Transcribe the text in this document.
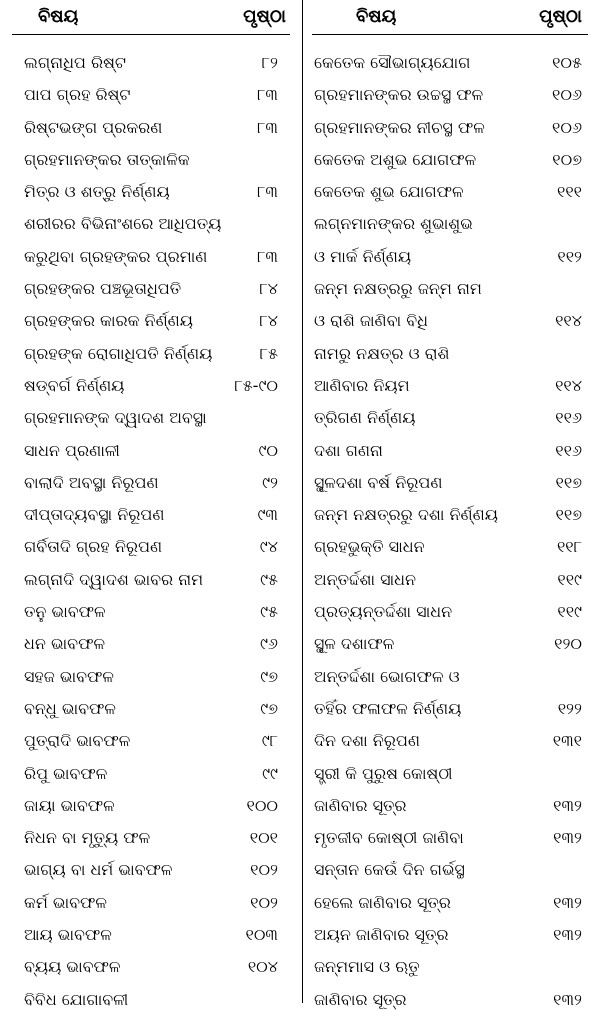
ବିଷୟ	ପୃଷ୍ଠା
ଲଗ୍ନାଧିପ ରିଷ୍ଟ	୮୨
ପାପ ଗ୍ରହ ରିଷ୍ଟ	୮୩
ରିଷ୍ଟଭଙ୍ଗ ପ୍ରକରଣ	୮୩
ଗ୍ରହମାନଙ୍କର ତାତ୍କାଳିକ
ମିତ୍ର ଓ ଶତ୍ରୁ ନିର୍ଣ୍ଣୟ	୮୩
ଶରୀରର ବିଭିନାଂଶରେ ଆଧିପତ୍ୟ
କରୁଥିବା ଗ୍ରହଙ୍କର ପ୍ରମାଣ	୮୩
ଗ୍ରହଙ୍କର ପଞ୍ଚଭୂତାଧିପତି	୮୪
ଗ୍ରହଙ୍କର କାରକ ନିର୍ଣ୍ଣୟ	୮୪
ଗ୍ରହଙ୍କ ରୋଗାଧିପତି ନିର୍ଣ୍ଣୟ	୮୫
ଷଡ୍‌ବର୍ଗ ନିର୍ଣ୍ଣୟ	୮୫-୯୦
ଗ୍ରହମାନଙ୍କ ଦ୍ୱାଦଶ ଅବସ୍ଥା
ସାଧନ ପ୍ରଣାଳୀ	୯୦
ବାଲାଦି ଅବସ୍ଥା ନିରୂପଣ	୯୨
ଦୀପ୍ତାଦ୍ୟବସ୍ଥା ନିରୂପଣ	୯୩
ଗର୍ବିତାଦି ଗ୍ରହ ନିରୂପଣ	୯୪
ଲଗ୍ନାଦି ଦ୍ୱାଦଶ ଭାବର ନାମ	୯୫
ତନୁ ଭାବଫଳ	୯୫
ଧନ ଭାବଫଳ	୯୬
ସହଜ ଭାବଫଳ	୯୭
ବନ୍ଧୁ ଭାବଫଳ	୯୭
ପୁତ୍ରାଦି ଭାବଫଳ	୯୮
ରିପୁ ଭାବଫଳ	୯୯
ଜାୟା ଭାବଫଳ	୧୦୦
ନିଧନ ବା ମୃତ୍ୟୁ ଫଳ	୧୦୧
ଭାଗ୍ୟ ବା ଧର୍ମ ଭାବଫଳ	୧୦୨
କର୍ମ ଭାବଫଳ	୧୦୨
ଆୟ ଭାବଫଳ	୧୦୩
ବ୍ୟୟ ଭାବଫଳ	୧୦୪
ବିବିଧ ଯୋଗାବଳୀ
ବିଷୟ	ପୃଷ୍ଠା
କେତେକ ସୌଭାଗ୍ୟଯୋଗ	୧୦୫
ଗ୍ରହମାନଙ୍କର ଉଚ୍ଚସ୍ଥ ଫଳ	୧୦୬
ଗ୍ରହମାନଙ୍କର ନୀଚସ୍ଥ ଫଳ	୧୦୬
କେତେକ ଅଶୁଭ ଯୋଗଫଳ	୧୦୭
କେତେକ ଶୁଭ ଯୋଗଫଳ	୧୧୧
ଲଗ୍ନମାନଙ୍କର ଶୁଭାଶୁଭ
ଓ ମାର୍କ ନିର୍ଣ୍ଣୟ	୧୧୨
ଜନ୍ମ ନକ୍ଷତ୍ରରୁ ଜନ୍ମ ନାମ
ଓ ରାଶି ଜାଣିବା ବିଧି	୧୧୪
ନାମରୁ ନକ୍ଷତ୍ର ଓ ରାଶି
ଆଣିବାର ନିୟମ	୧୧୪
ତ୍ରିଗଣ ନିର୍ଣ୍ଣୟ	୧୧୬
ଦଶା ଗଣନା	୧୧୬
ସ୍ଥୂଳଦଶା ବର୍ଷ ନିରୂପଣ	୧୧୭
ଜନ୍ମ ନକ୍ଷତ୍ରରୁ ଦଶା ନିର୍ଣ୍ଣୟ	୧୧୭
ଗ୍ରହଭୁକ୍ତି ସାଧନ	୧୧୮
ଅନ୍ତର୍ଦ୍ଦଶା ସାଧନ	୧୧୯
ପ୍ରତ୍ୟନ୍ତର୍ଦ୍ଦଶା ସାଧନ	୧୧୯
ସ୍ଥୂଳ ଦଶାଫଳ	୧୨୦
ଅନ୍ତର୍ଦ୍ଦଶା ଭୋଗଫଳ ଓ
ତହିଁର ଫଳାଫଳ ନିର୍ଣ୍ଣୟ	୧୨୨
ଦିନ ଦଶା ନିରୂପଣ	୧୩୧
ସ୍ତ୍ରୀ କି ପୁରୁଷ କୋଷ୍ଠୀ
ଜାଣିବାର ସୂତ୍ର	୧୩୨
ମୃତଜୀବ କୋଷ୍ଠୀ ଜାଣିବା	୧୩୨
ସନ୍ତାନ କେଉଁ ଦିନ ଗର୍ଭସ୍ଥ
ହେଲେ ଜାଣିବାର ସୂତ୍ର	୧୩୨
ଅୟନ ଜାଣିବାର ସୂତ୍ର	୧୩୨
ଜନ୍ମମାସ ଓ ଋତୁ
ଜାଣିବାର ସୂତ୍ର	୧୩୨
